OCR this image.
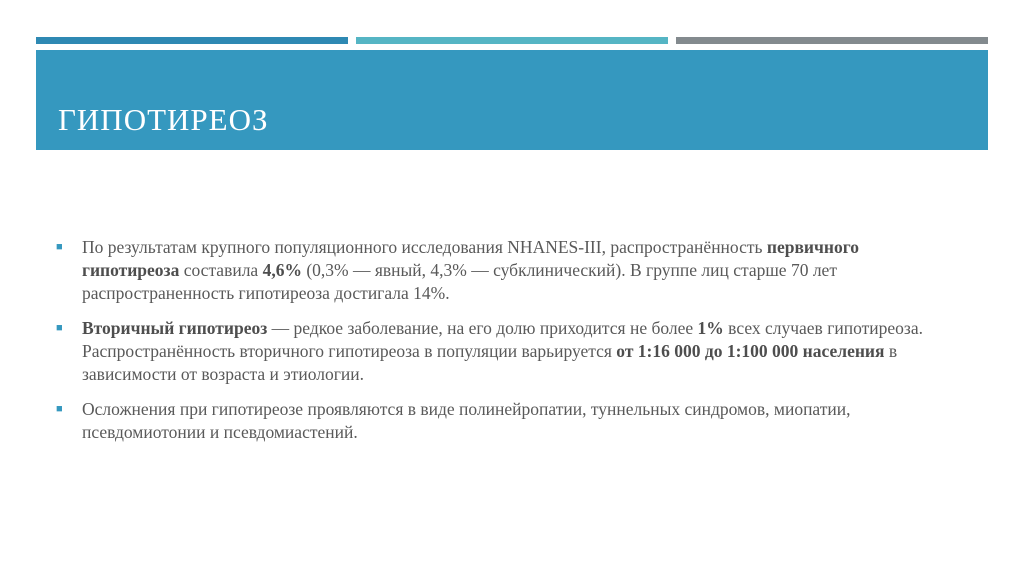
ГИПОТИРЕОЗ
■ По результатам крупного популяционного исследования NHANES-III, распространённость первичного гипотиреоза составила 4,6% (0,3% — явный, 4,3% — субклинический). В группе лиц старше 70 лет распространенность гипотиреоза достигала 14%.
■ Вторичный гипотиреоз — редкое заболевание, на его долю приходится не более 1% всех случаев гипотиреоза. Распространённость вторичного гипотиреоза в популяции варьируется от 1:16 000 до 1:100 000 населения в зависимости от возраста и этиологии.
■ Осложнения при гипотиреозе проявляются в виде полинейропатии, туннельных синдромов, миопатии, псевдомиотонии и псевдомиастений.
